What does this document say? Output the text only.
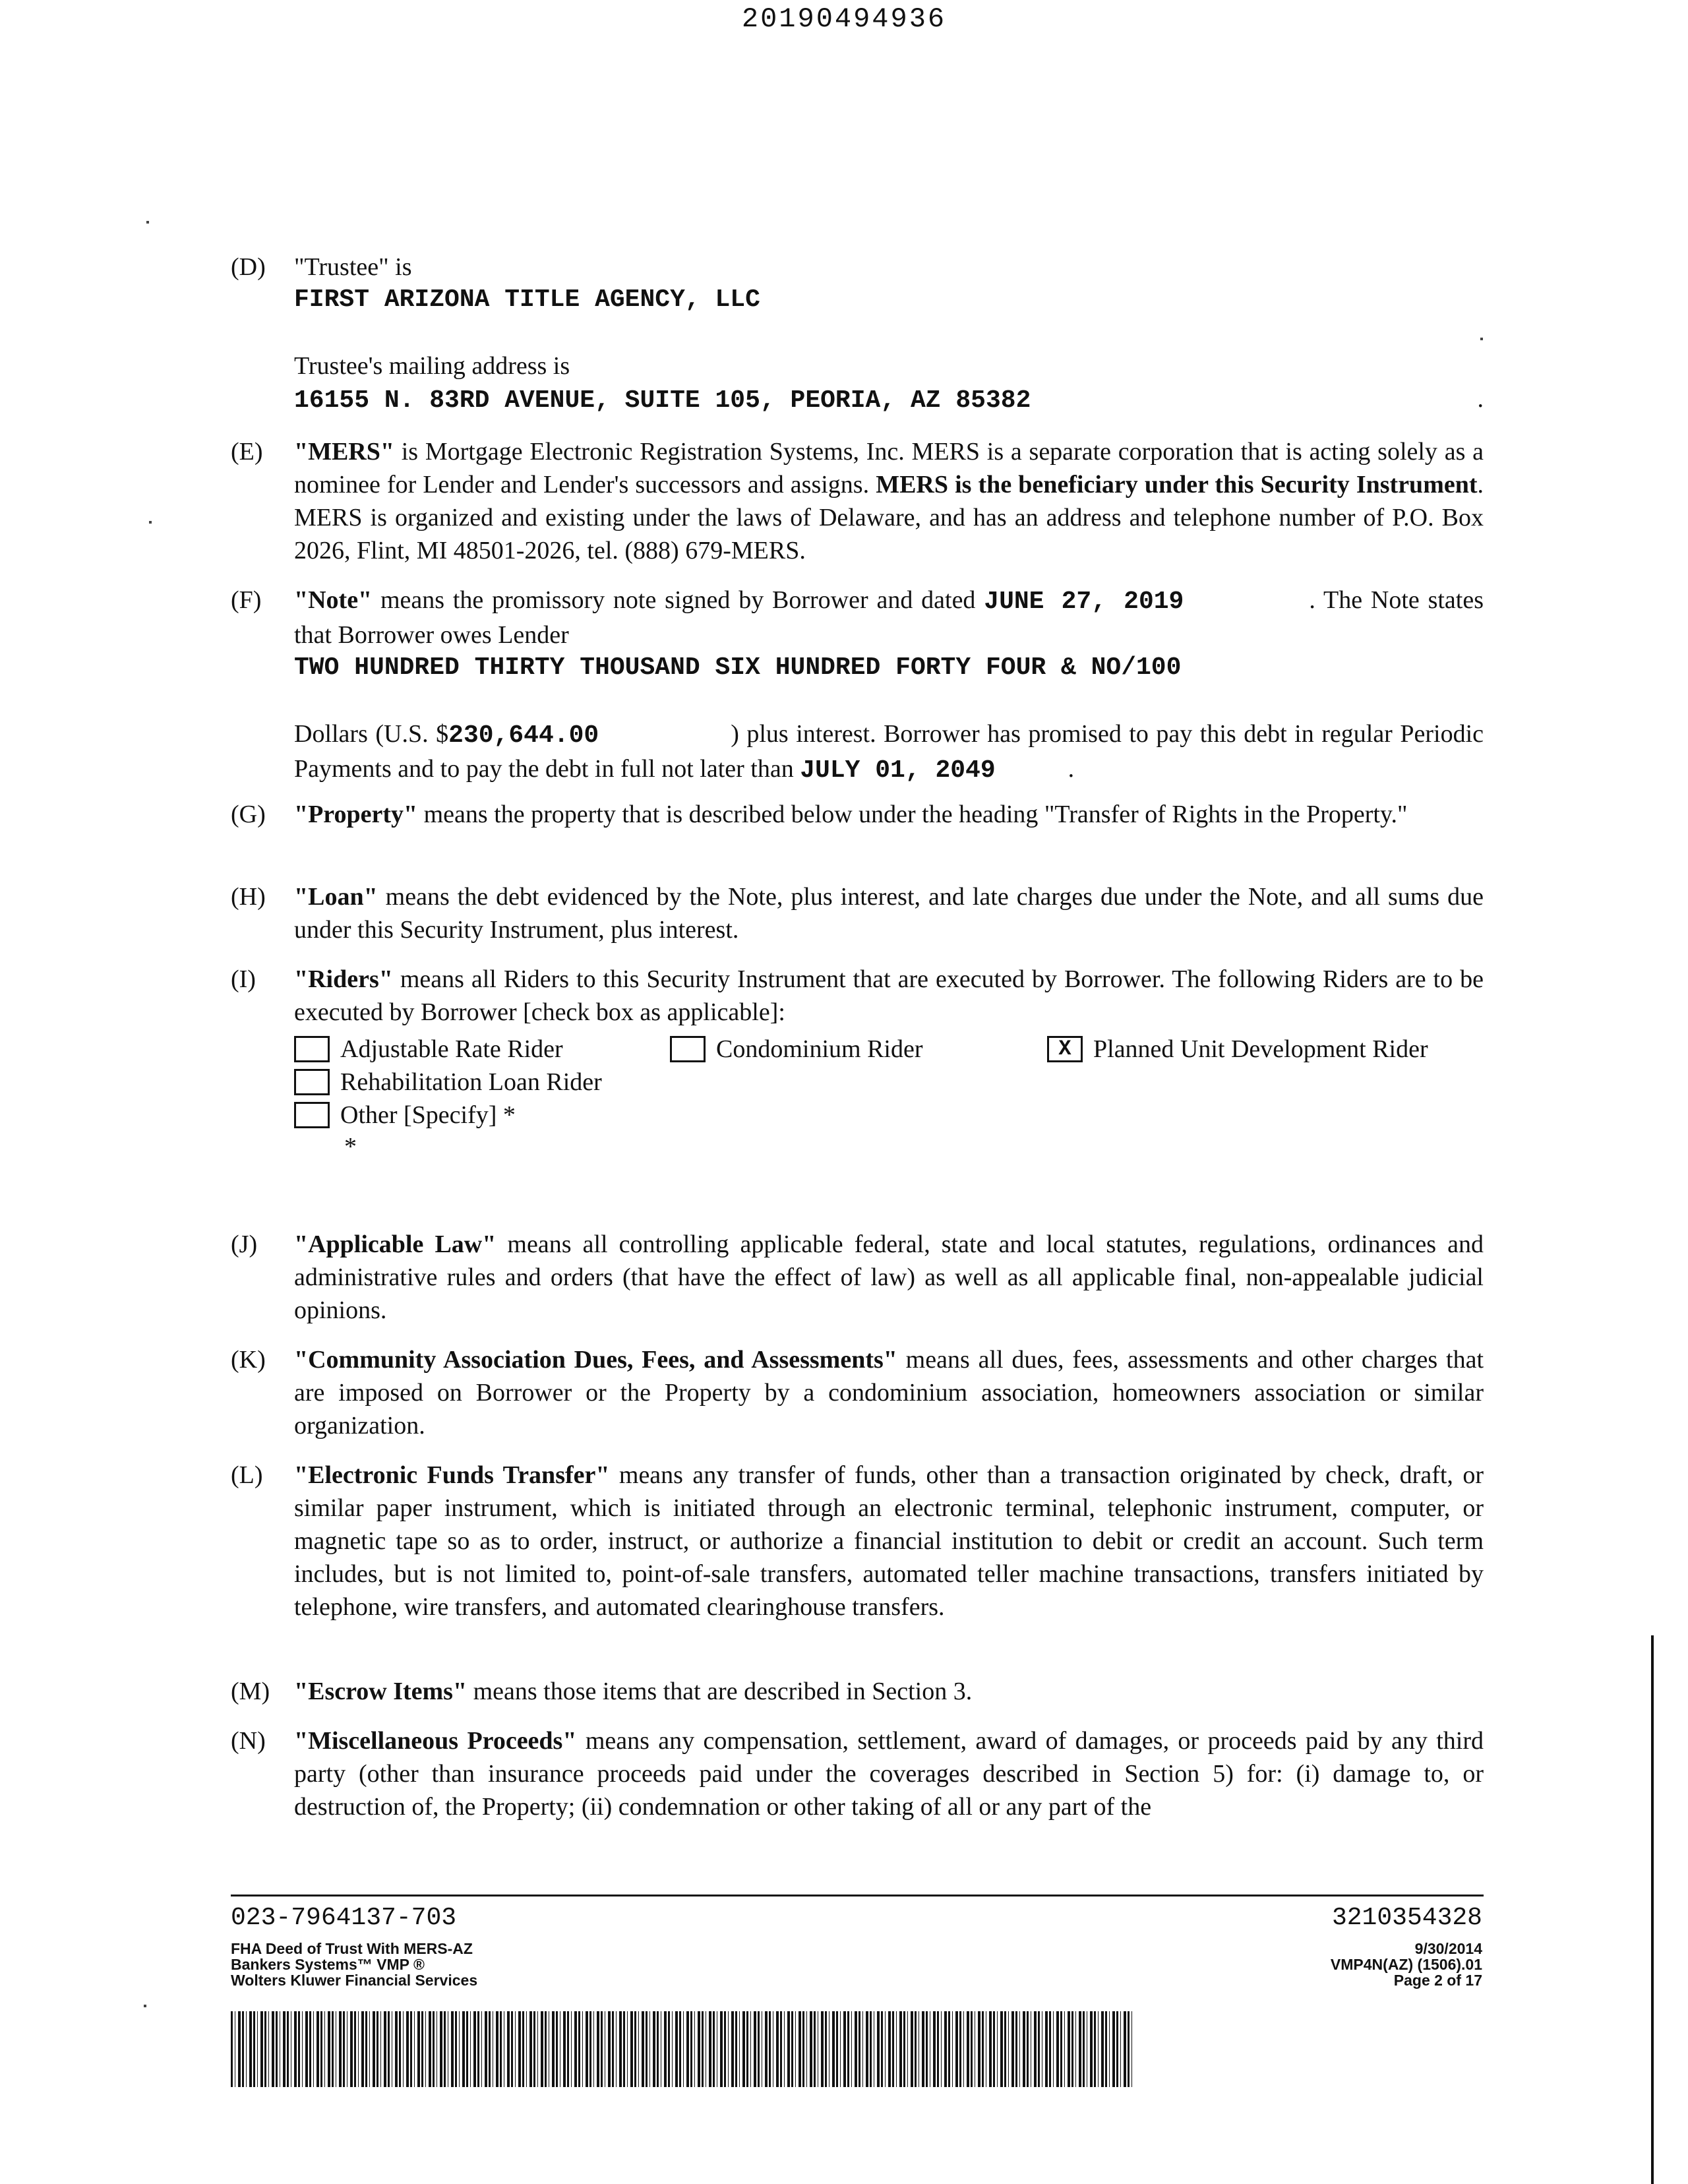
20190494936
(D)	"Trustee" is

FIRST ARIZONA TITLE AGENCY, LLC

Trustee's mailing address is

16155 N. 83RD AVENUE, SUITE 105, PEORIA, AZ 85382	.

(E)	"MERS" is Mortgage Electronic Registration Systems, Inc. MERS is a separate corporation that is acting solely as a nominee for Lender and Lender's successors and assigns. MERS is the beneficiary under this Security Instrument. MERS is organized and existing under the laws of Delaware, and has an address and telephone number of P.O. Box 2026, Flint, MI 48501-2026, tel. (888) 679-MERS.

(F)	"Note" means the promissory note signed by Borrower and dated JUNE 27, 2019	. The Note states that Borrower owes Lender

TWO HUNDRED THIRTY THOUSAND SIX HUNDRED FORTY FOUR & NO/100

Dollars (U.S. $230,644.00	) plus interest. Borrower has promised to pay this debt in regular Periodic Payments and to pay the debt in full not later than JULY 01, 2049	.

(G)	"Property" means the property that is described below under the heading "Transfer of Rights in the Property."

(H)	"Loan" means the debt evidenced by the Note, plus interest, and late charges due under the Note, and all sums due under this Security Instrument, plus interest.

(I)	"Riders" means all Riders to this Security Instrument that are executed by Borrower. The following Riders are to be executed by Borrower [check box as applicable]:

Adjustable Rate Rider	Condominium Rider	X Planned Unit Development Rider
Rehabilitation Loan Rider
Other [Specify] *
*
(J)	"Applicable Law" means all controlling applicable federal, state and local statutes, regulations, ordinances and administrative rules and orders (that have the effect of law) as well as all applicable final, non-appealable judicial opinions.

(K)	"Community Association Dues, Fees, and Assessments" means all dues, fees, assessments and other charges that are imposed on Borrower or the Property by a condominium association, homeowners association or similar organization.

(L)	"Electronic Funds Transfer" means any transfer of funds, other than a transaction originated by check, draft, or similar paper instrument, which is initiated through an electronic terminal, telephonic instrument, computer, or magnetic tape so as to order, instruct, or authorize a financial institution to debit or credit an account. Such term includes, but is not limited to, point-of-sale transfers, automated teller machine transactions, transfers initiated by telephone, wire transfers, and automated clearinghouse transfers.

(M) "Escrow Items" means those items that are described in Section 3.

(N)	"Miscellaneous Proceeds" means any compensation, settlement, award of damages, or proceeds paid by any third party (other than insurance proceeds paid under the coverages described in Section 5) for: (i) damage to, or destruction of, the Property; (ii) condemnation or other taking of all or any part of the

023-7964137-703
FHA Deed of Trust With MERS-AZ
Bankers Systems™ VMP ®
Wolters Kluwer Financial Services
3210354328
9/30/2014
VMP4N(AZ) (1506).01
Page 2 of 17
